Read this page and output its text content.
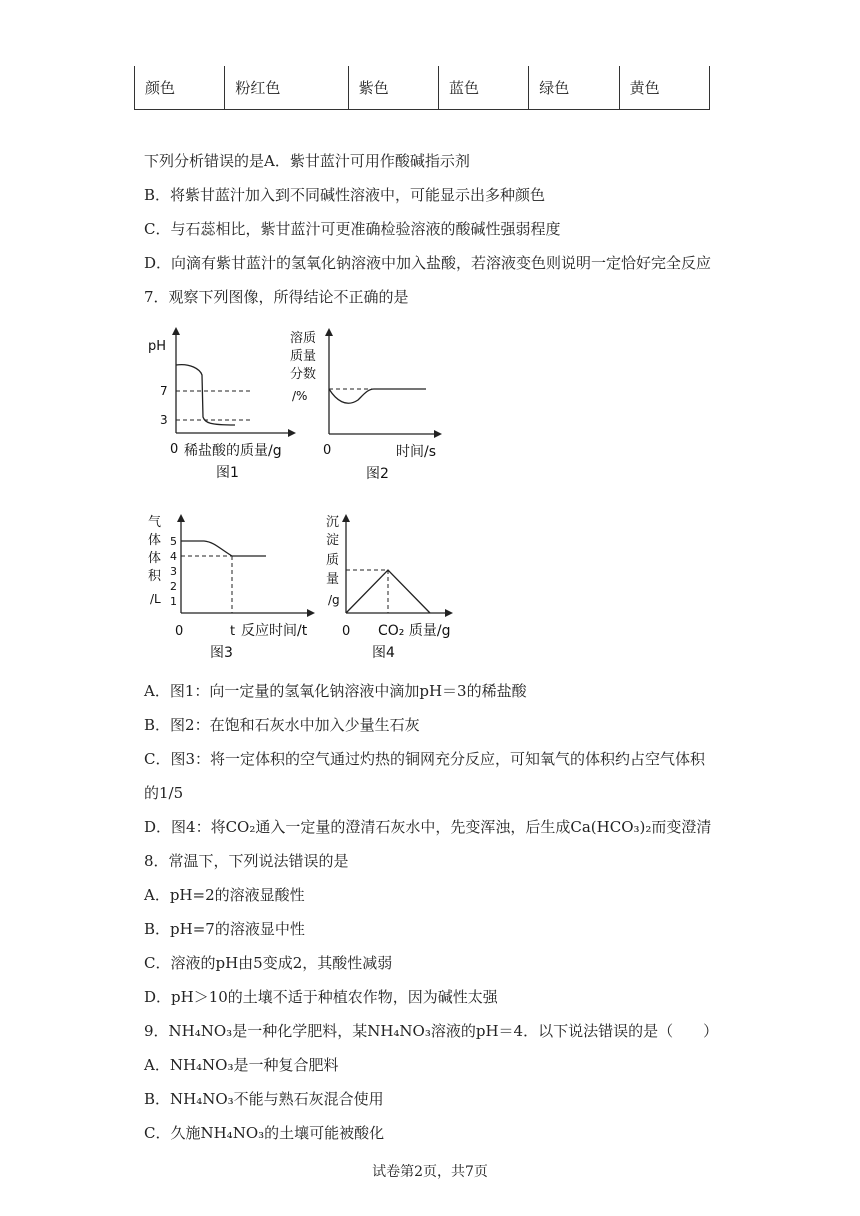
颜色	粉红色	紫色	蓝色	绿色	黄色
下列分析错误的是A．紫甘蓝汁可用作酸碱指示剂
B．将紫甘蓝汁加入到不同碱性溶液中，可能显示出多种颜色
C．与石蕊相比，紫甘蓝汁可更准确检验溶液的酸碱性强弱程度
D．向滴有紫甘蓝汁的氢氧化钠溶液中加入盐酸，若溶液变色则说明一定恰好完全反应
7．观察下列图像，所得结论不正确的是
pH
7
3
0 稀盐酸的质量/g
图1
溶质
质量
分数
/%
0	时间/s
图2
气
体
体
积
/L
5
4
3
2
1
0	t 反应时间/t
图3
沉
淀
质
量
/g
0 CO₂ 质量/g
图4
A．图1：向一定量的氢氧化钠溶液中滴加pH＝3的稀盐酸
B．图2：在饱和石灰水中加入少量生石灰
C．图3：将一定体积的空气通过灼热的铜网充分反应，可知氧气的体积约占空气体积
的1/5
D．图4：将CO₂通入一定量的澄清石灰水中，先变浑浊，后生成Ca(HCO₃)₂而变澄清
8．常温下，下列说法错误的是
A．pH=2的溶液显酸性
B．pH=7的溶液显中性
C．溶液的pH由5变成2，其酸性减弱
D．pH＞10的土壤不适于种植农作物，因为碱性太强
9．NH₄NO₃是一种化学肥料，某NH₄NO₃溶液的pH＝4．以下说法错误的是（　　）
A．NH₄NO₃是一种复合肥料
B．NH₄NO₃不能与熟石灰混合使用
C．久施NH₄NO₃的土壤可能被酸化
试卷第2页，共7页
